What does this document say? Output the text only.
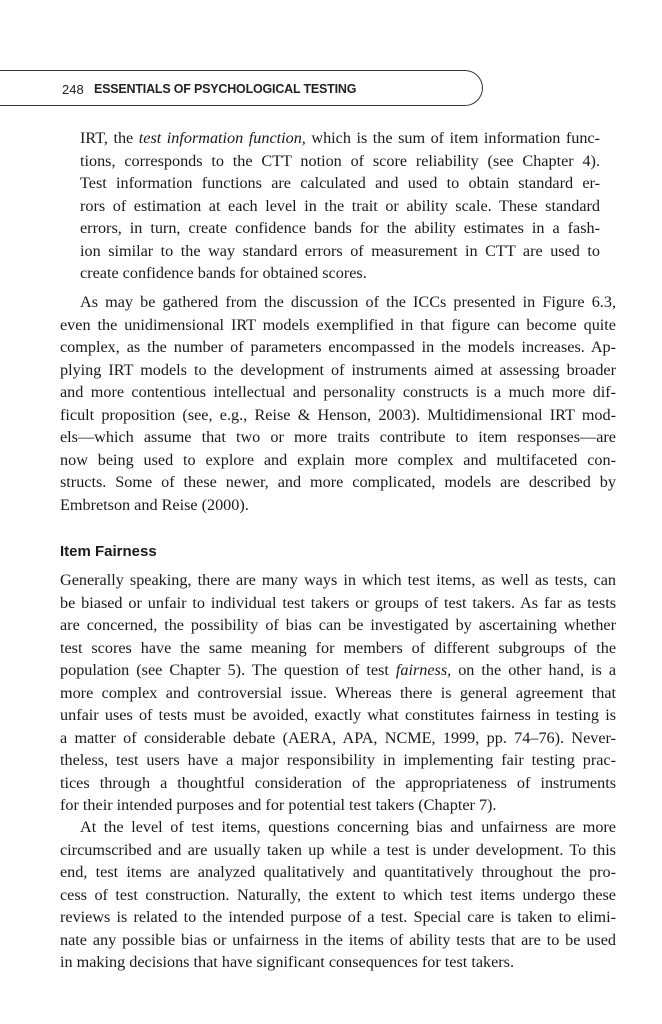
248 ESSENTIALS OF PSYCHOLOGICAL TESTING
IRT, the test information function, which is the sum of item information func-
tions, corresponds to the CTT notion of score reliability (see Chapter 4).
Test information functions are calculated and used to obtain standard er-
rors of estimation at each level in the trait or ability scale. These standard
errors, in turn, create confidence bands for the ability estimates in a fash-
ion similar to the way standard errors of measurement in CTT are used to
create confidence bands for obtained scores.
As may be gathered from the discussion of the ICCs presented in Figure 6.3,
even the unidimensional IRT models exemplified in that figure can become quite
complex, as the number of parameters encompassed in the models increases. Ap-
plying IRT models to the development of instruments aimed at assessing broader
and more contentious intellectual and personality constructs is a much more dif-
ficult proposition (see, e.g., Reise & Henson, 2003). Multidimensional IRT mod-
els—which assume that two or more traits contribute to item responses—are
now being used to explore and explain more complex and multifaceted con-
structs. Some of these newer, and more complicated, models are described by
Embretson and Reise (2000).
Item Fairness
Generally speaking, there are many ways in which test items, as well as tests, can
be biased or unfair to individual test takers or groups of test takers. As far as tests
are concerned, the possibility of bias can be investigated by ascertaining whether
test scores have the same meaning for members of different subgroups of the
population (see Chapter 5). The question of test fairness, on the other hand, is a
more complex and controversial issue. Whereas there is general agreement that
unfair uses of tests must be avoided, exactly what constitutes fairness in testing is
a matter of considerable debate (AERA, APA, NCME, 1999, pp. 74–76). Never-
theless, test users have a major responsibility in implementing fair testing prac-
tices through a thoughtful consideration of the appropriateness of instruments
for their intended purposes and for potential test takers (Chapter 7).
At the level of test items, questions concerning bias and unfairness are more
circumscribed and are usually taken up while a test is under development. To this
end, test items are analyzed qualitatively and quantitatively throughout the pro-
cess of test construction. Naturally, the extent to which test items undergo these
reviews is related to the intended purpose of a test. Special care is taken to elimi-
nate any possible bias or unfairness in the items of ability tests that are to be used
in making decisions that have significant consequences for test takers.
